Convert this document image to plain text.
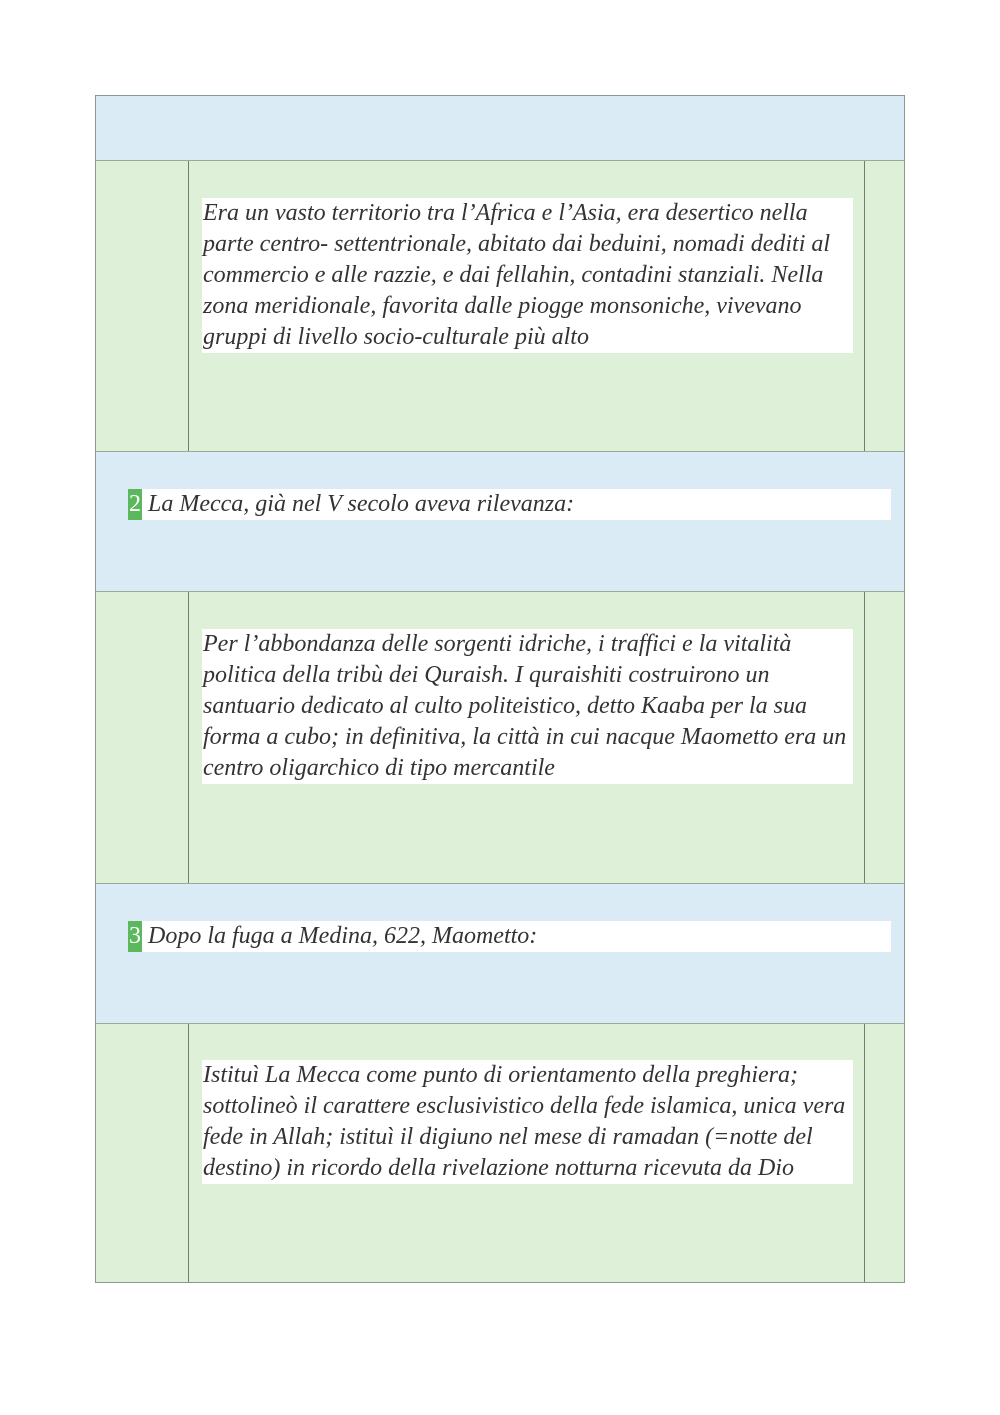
Era un vasto territorio tra l’Africa e l’Asia, era desertico nella parte centro- settentrionale, abitato dai beduini, nomadi dediti al commercio e alle razzie, e dai fellahin, contadini stanziali. Nella zona meridionale, favorita dalle piogge monsoniche, vivevano gruppi di livello socio-culturale più alto

2 La Mecca, già nel V secolo aveva rilevanza:

Per l’abbondanza delle sorgenti idriche, i traffici e la vitalità politica della tribù dei Quraish. I quraishiti costruirono un santuario dedicato al culto politeistico, detto Kaaba per la sua forma a cubo; in definitiva, la città in cui nacque Maometto era un centro oligarchico di tipo mercantile

3 Dopo la fuga a Medina, 622, Maometto:

Istituì La Mecca come punto di orientamento della preghiera; sottolineò il carattere esclusivistico della fede islamica, unica vera fede in Allah; istituì il digiuno nel mese di ramadan (=notte del destino) in ricordo della rivelazione notturna ricevuta da Dio
